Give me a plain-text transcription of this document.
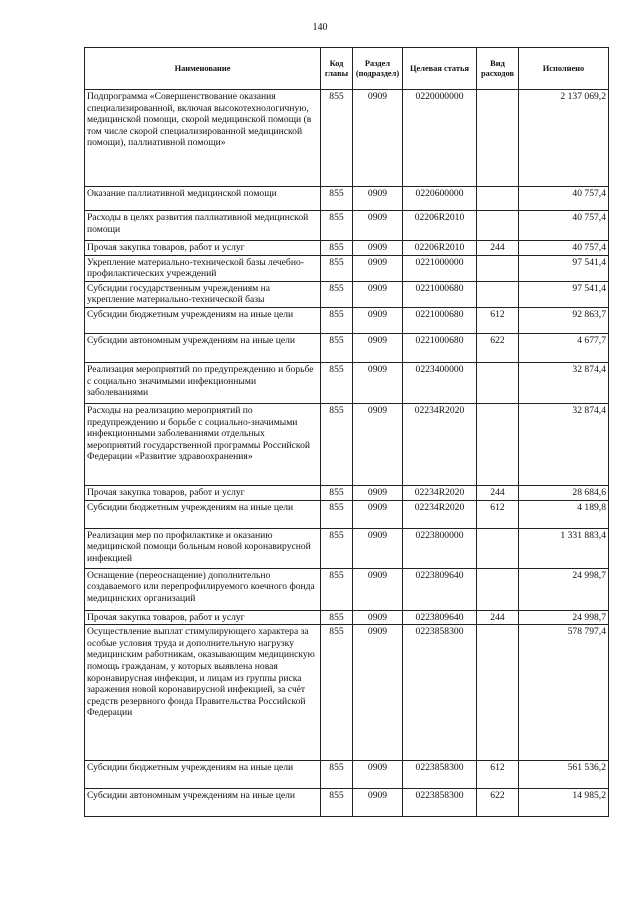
140
Наименование	Код главы	Раздел (подраздел)	Целевая статья	Вид расходов	Исполнено
Подпрограмма «Совершенствование оказания специализированной, включая высокотехнологичную, медицинской помощи, скорой медицинской помощи (в том числе скорой специализированной медицинской помощи), паллиативной помощи»	855	0909	0220000000		2 137 069,2
Оказание паллиативной медицинской помощи	855	0909	0220600000		40 757,4
Расходы в целях развития паллиативной медицинской помощи	855	0909	02206R2010		40 757,4
Прочая закупка товаров, работ и услуг	855	0909	02206R2010	244	40 757,4
Укрепление материально-технической базы лечебно-профилактических учреждений	855	0909	0221000000		97 541,4
Субсидии государственным учреждениям на укрепление материально-технической базы	855	0909	0221000680		97 541,4
Субсидии бюджетным учреждениям на иные цели	855	0909	0221000680	612	92 863,7
Субсидии автономным учреждениям на иные цели	855	0909	0221000680	622	4 677,7
Реализация мероприятий по предупреждению и борьбе с социально значимыми инфекционными заболеваниями	855	0909	0223400000		32 874,4
Расходы на реализацию мероприятий по предупреждению и борьбе с социально-значимыми инфекционными заболеваниями отдельных мероприятий государственной программы Российской Федерации «Развитие здравоохранения»	855	0909	02234R2020		32 874,4
Прочая закупка товаров, работ и услуг	855	0909	02234R2020	244	28 684,6
Субсидии бюджетным учреждениям на иные цели	855	0909	02234R2020	612	4 189,8
Реализация мер по профилактике и оказанию медицинской помощи больным новой коронавирусной инфекцией	855	0909	0223800000		1 331 883,4
Оснащение (переоснащение) дополнительно создаваемого или перепрофилируемого коечного фонда медицинских организаций	855	0909	0223809640		24 998,7
Прочая закупка товаров, работ и услуг	855	0909	0223809640	244	24 998,7
Осуществление выплат стимулирующего характера за особые условия труда и дополнительную нагрузку медицинским работникам, оказывающим медицинскую помощь гражданам, у которых выявлена новая коронавирусная инфекция, и лицам из группы риска заражения новой коронавирусной инфекцией, за счёт средств резервного фонда Правительства Российской Федерации	855	0909	0223858300		578 797,4
Субсидии бюджетным учреждениям на иные цели	855	0909	0223858300	612	561 536,2
Субсидии автономным учреждениям на иные цели	855	0909	0223858300	622	14 985,2
